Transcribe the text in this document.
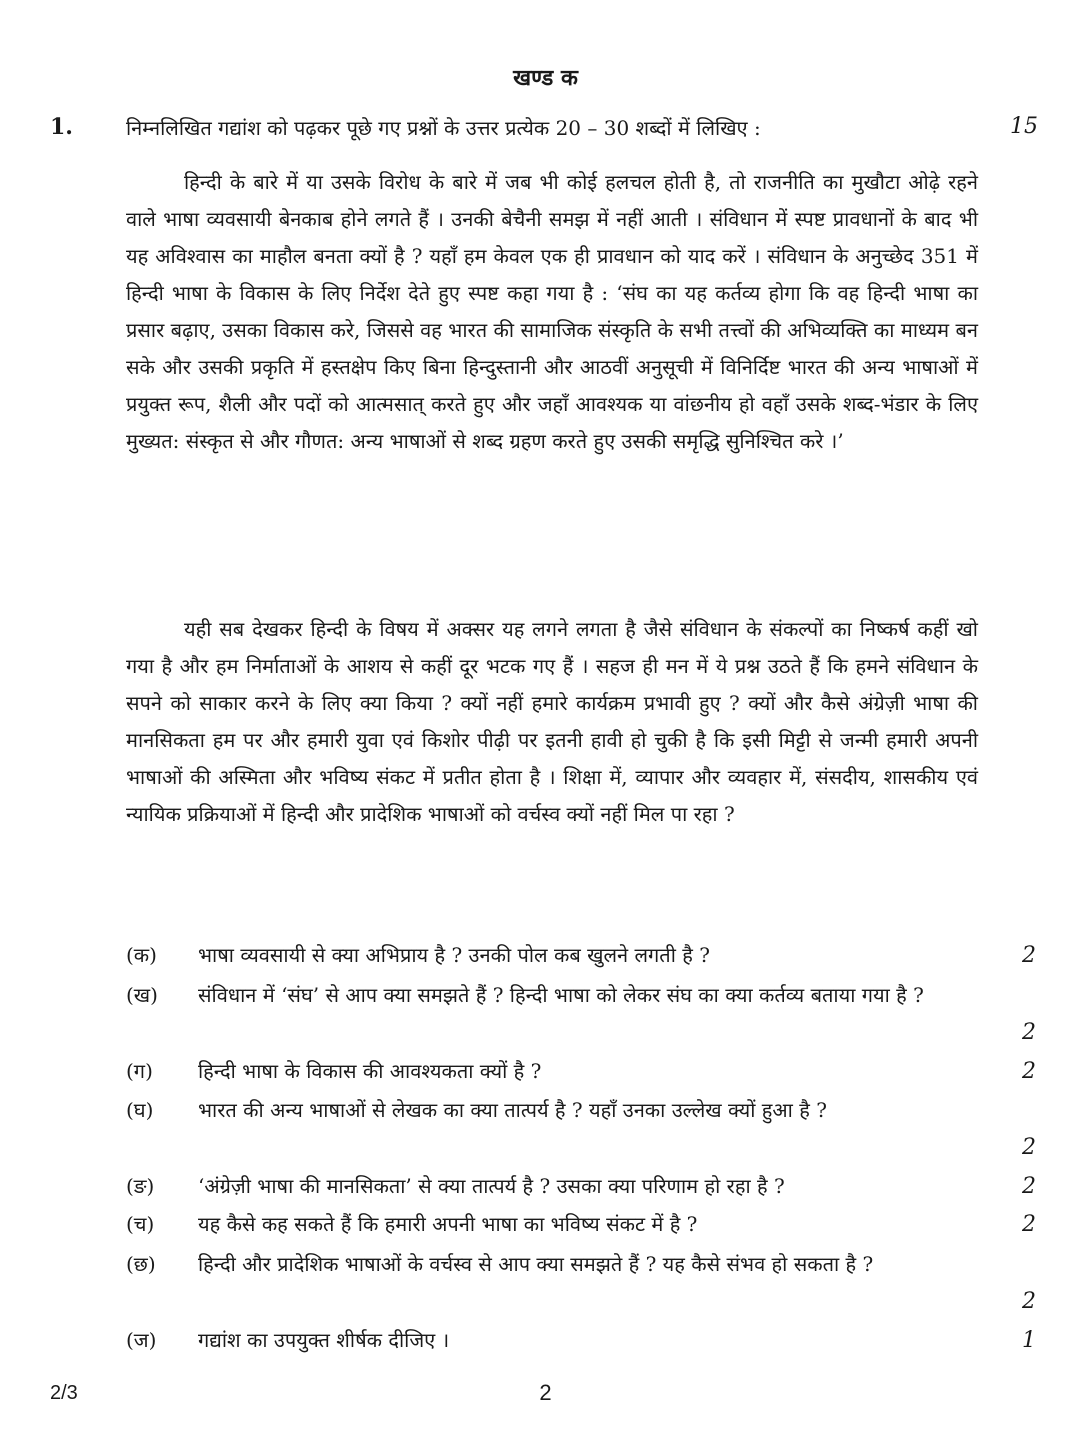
खण्ड क
1.	निम्नलिखित गद्यांश को पढ़कर पूछे गए प्रश्नों के उत्तर प्रत्येक 20 – 30 शब्दों में लिखिए :	15

हिन्दी के बारे में या उसके विरोध के बारे में जब भी कोई हलचल होती है, तो राजनीति का मुखौटा ओढ़े रहने वाले भाषा व्यवसायी बेनकाब होने लगते हैं । उनकी बेचैनी समझ में नहीं आती । संविधान में स्पष्ट प्रावधानों के बाद भी यह अविश्वास का माहौल बनता क्यों है ? यहाँ हम केवल एक ही प्रावधान को याद करें । संविधान के अनुच्छेद 351 में हिन्दी भाषा के विकास के लिए निर्देश देते हुए स्पष्ट कहा गया है : ‘संघ का यह कर्तव्य होगा कि वह हिन्दी भाषा का प्रसार बढ़ाए, उसका विकास करे, जिससे वह भारत की सामाजिक संस्कृति के सभी तत्त्वों की अभिव्यक्ति का माध्यम बन सके और उसकी प्रकृति में हस्तक्षेप किए बिना हिन्दुस्तानी और आठवीं अनुसूची में विनिर्दिष्ट भारत की अन्य भाषाओं में प्रयुक्त रूप, शैली और पदों को आत्मसात् करते हुए और जहाँ आवश्यक या वांछनीय हो वहाँ उसके शब्द-भंडार के लिए मुख्यत: संस्कृत से और गौणत: अन्य भाषाओं से शब्द ग्रहण करते हुए उसकी समृद्धि सुनिश्चित करे ।’

यही सब देखकर हिन्दी के विषय में अक्सर यह लगने लगता है जैसे संविधान के संकल्पों का निष्कर्ष कहीं खो गया है और हम निर्माताओं के आशय से कहीं दूर भटक गए हैं । सहज ही मन में ये प्रश्न उठते हैं कि हमने संविधान के सपने को साकार करने के लिए क्या किया ? क्यों नहीं हमारे कार्यक्रम प्रभावी हुए ? क्यों और कैसे अंग्रेज़ी भाषा की मानसिकता हम पर और हमारी युवा एवं किशोर पीढ़ी पर इतनी हावी हो चुकी है कि इसी मिट्टी से जन्मी हमारी अपनी भाषाओं की अस्मिता और भविष्य संकट में प्रतीत होता है । शिक्षा में, व्यापार और व्यवहार में, संसदीय, शासकीय एवं न्यायिक प्रक्रियाओं में हिन्दी और प्रादेशिक भाषाओं को वर्चस्व क्यों नहीं मिल पा रहा ?

(क) भाषा व्यवसायी से क्या अभिप्राय है ? उनकी पोल कब खुलने लगती है ?	2
(ख) संविधान में ‘संघ’ से आप क्या समझते हैं ? हिन्दी भाषा को लेकर संघ का क्या कर्तव्य बताया गया है ?
2
(ग) हिन्दी भाषा के विकास की आवश्यकता क्यों है ?	2
(घ) भारत की अन्य भाषाओं से लेखक का क्या तात्पर्य है ? यहाँ उनका उल्लेख क्यों हुआ है ?
2
(ङ) ‘अंग्रेज़ी भाषा की मानसिकता’ से क्या तात्पर्य है ? उसका क्या परिणाम हो रहा है ?	2
(च) यह कैसे कह सकते हैं कि हमारी अपनी भाषा का भविष्य संकट में है ?	2
(छ) हिन्दी और प्रादेशिक भाषाओं के वर्चस्व से आप क्या समझते हैं ? यह कैसे संभव हो सकता है ?
2
(ज) गद्यांश का उपयुक्त शीर्षक दीजिए ।	1
2/3	2
